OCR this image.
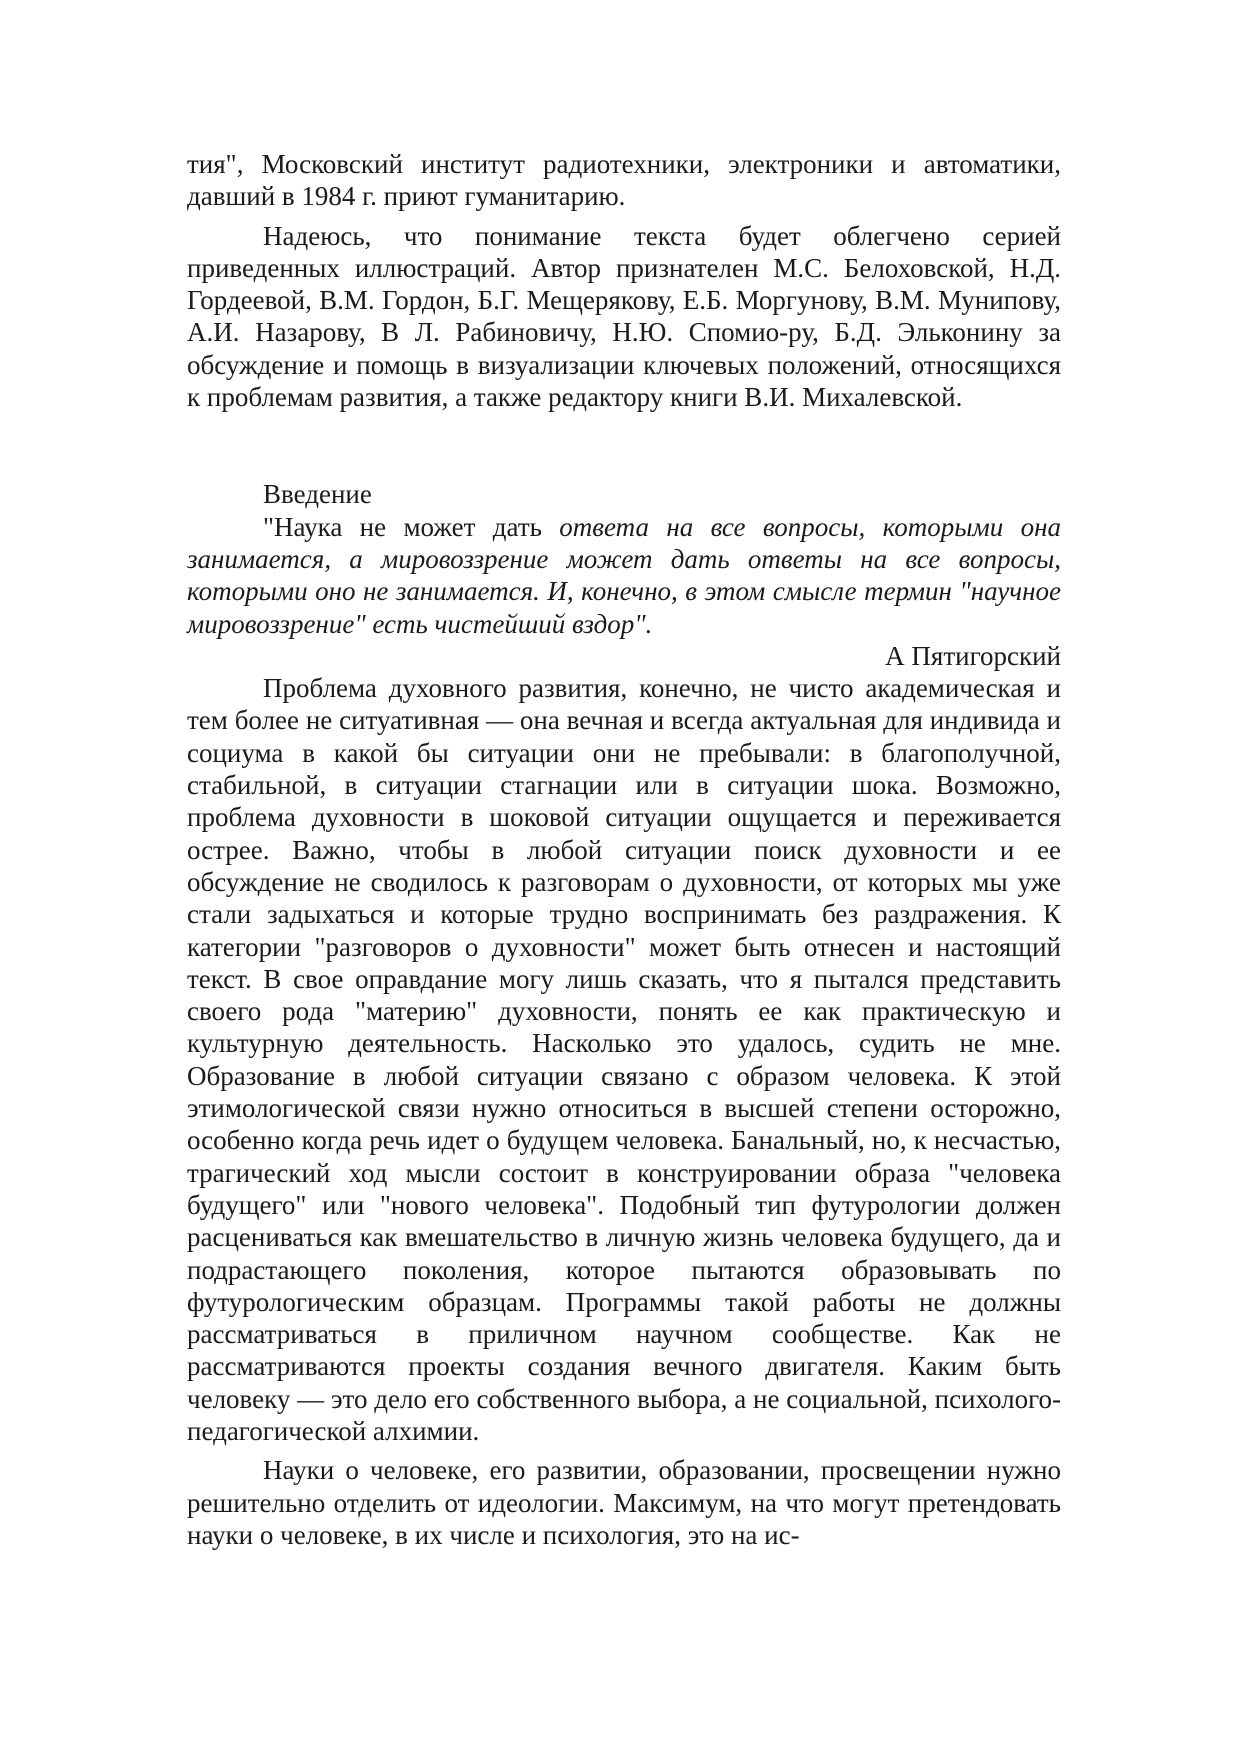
тия", Московский институт радиотехники, электроники и автоматики, давший в 1984 г. приют гуманитарию.

Надеюсь, что понимание текста будет облегчено серией приведенных иллюстраций. Автор признателен М.С. Белоховской, Н.Д. Гордеевой, В.М. Гордон, Б.Г. Мещерякову, Е.Б. Моргунову, В.М. Мунипову, А.И. Назарову, В Л. Рабиновичу, Н.Ю. Спомио-ру, Б.Д. Эльконину за обсуждение и помощь в визуализации ключевых положений, относящихся к проблемам развития, а также редактору книги В.И. Михалевской.

Введение

"Наука не может дать ответа на все вопросы, которыми она занимается, а мировоззрение может дать ответы на все вопросы, которыми оно не занимается. И, конечно, в этом смысле термин "научное мировоззрение" есть чистейший вздор".

А Пятигорский

Проблема духовного развития, конечно, не чисто академическая и тем более не ситуативная — она вечная и всегда актуальная для индивида и социума в какой бы ситуации они не пребывали: в благополучной, стабильной, в ситуации стагнации или в ситуации шока. Возможно, проблема духовности в шоковой ситуации ощущается и переживается острее. Важно, чтобы в любой ситуации поиск духовности и ее обсуждение не сводилось к разговорам о духовности, от которых мы уже стали задыхаться и которые трудно воспринимать без раздражения. К категории "разговоров о духовности" может быть отнесен и настоящий текст. В свое оправдание могу лишь сказать, что я пытался представить своего рода "материю" духовности, понять ее как практическую и культурную деятельность. Насколько это удалось, судить не мне. Образование в любой ситуации связано с образом человека. К этой этимологической связи нужно относиться в высшей степени осторожно, особенно когда речь идет о будущем человека. Банальный, но, к несчастью, трагический ход мысли состоит в конструировании образа "человека будущего" или "нового человека". Подобный тип футурологии должен расцениваться как вмешательство в личную жизнь человека будущего, да и подрастающего поколения, которое пытаются образовывать по футурологическим образцам. Программы такой работы не должны рассматриваться в приличном научном сообществе. Как не рассматриваются проекты создания вечного двигателя. Каким быть человеку — это дело его собственного выбора, а не социальной, психолого-педагогической алхимии.

Науки о человеке, его развитии, образовании, просвещении нужно решительно отделить от идеологии. Максимум, на что могут претендовать науки о человеке, в их числе и психология, это на ис-
